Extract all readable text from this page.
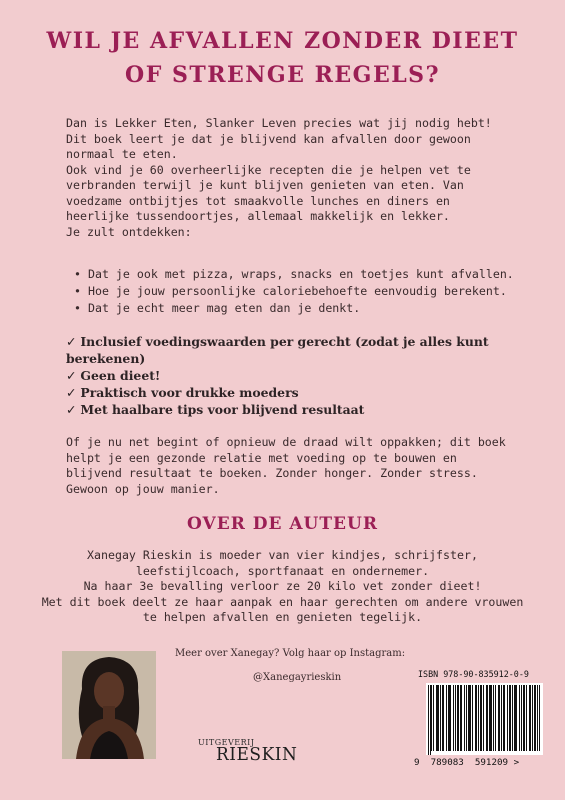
WIL JE AFVALLEN ZONDER DIEET
OF STRENGE REGELS?

Dan is Lekker Eten, Slanker Leven precies wat jij nodig hebt!

Dit boek leert je dat je blijvend kan afvallen door gewoon normaal te eten.

Ook vind je 60 overheerlijke recepten die je helpen vet te verbranden terwijl je kunt blijven genieten van eten. Van voedzame ontbijtjes tot smaakvolle lunches en diners en heerlijke tussendoortjes, allemaal makkelijk en lekker.

Je zult ontdekken:

• Dat je ook met pizza, wraps, snacks en toetjes kunt afvallen.
• Hoe je jouw persoonlijke caloriebehoefte eenvoudig berekent.
• Dat je echt meer mag eten dan je denkt.
✓ Inclusief voedingswaarden per gerecht (zodat je alles kunt berekenen)
✓ Geen dieet!
✓ Praktisch voor drukke moeders
✓ Met haalbare tips voor blijvend resultaat
Of je nu net begint of opnieuw de draad wilt oppakken; dit boek helpt je een gezonde relatie met voeding op te bouwen en blijvend resultaat te boeken. Zonder honger. Zonder stress. Gewoon op jouw manier.
OVER DE AUTEUR

Xanegay Rieskin is moeder van vier kindjes, schrijfster, leefstijlcoach, sportfanaat en ondernemer.

Na haar 3e bevalling verloor ze 20 kilo vet zonder dieet!

Met dit boek deelt ze haar aanpak en haar gerechten om andere vrouwen te helpen afvallen en genieten tegelijk.

Meer over Xanegay? Volg haar op Instagram:
@Xanegayrieskin
UITGEVERIJ
RIESKIN
ISBN 978-90-835912-0-9
9  789083  591209 >
